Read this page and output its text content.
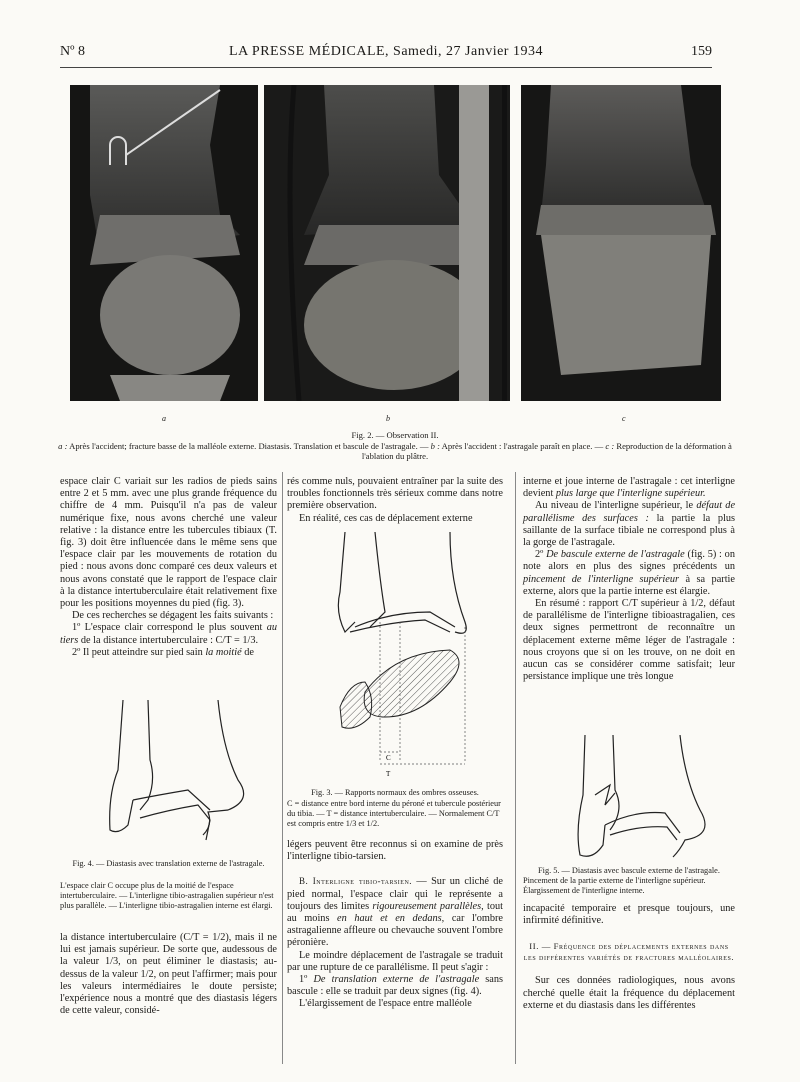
Nº 8	LA PRESSE MÉDICALE, Samedi, 27 Janvier 1934	159
a	b	c
Fig. 2. — Observation II.
a : Après l'accident; fracture basse de la malléole externe. Diastasis. Translation et bascule de l'astragale. — b : Après l'accident : l'astragale paraît en place. — c : Reproduction de la déformation à l'ablation du plâtre.

espace clair C variait sur les radios de pieds sains entre 2 et 5 mm. avec une plus grande fréquence du chiffre de 4 mm. Puisqu'il n'a pas de valeur numérique fixe, nous avons cherché une valeur relative : la distance entre les tubercules tibiaux (T. fig. 3) doit être influencée dans le même sens que l'espace clair par les mouvements de rotation du pied : nous avons donc comparé ces deux valeurs et nous avons constaté que le rapport de l'espace clair à la distance intertuberculaire était relativement fixe pour les positions moyennes du pied (fig. 3).

De ces recherches se dégagent les faits suivants :

1º L'espace clair correspond le plus souvent au tiers de la distance intertuberculaire : C/T = 1/3.

2º Il peut atteindre sur pied sain la moitié de

Fig. 4. — Diastasis avec translation externe de l'astragale.
L'espace clair C occupe plus de la moitié de l'espace intertuberculaire. — L'interligne tibio-astragalien supérieur n'est plus parallèle. — L'interligne tibio-astragalien interne est élargi.

la distance intertuberculaire (C/T = 1/2), mais il ne lui est jamais supérieur. De sorte que, audessous de la valeur 1/3, on peut éliminer le diastasis; au-dessus de la valeur 1/2, on peut l'affirmer; mais pour les valeurs intermédiaires le doute persiste; l'expérience nous a montré que des diastasis légers de cette valeur, considé-

rés comme nuls, pouvaient entraîner par la suite des troubles fonctionnels très sérieux comme dans notre première observation.

En réalité, ces cas de déplacement externe

C
T
Fig. 3. — Rapports normaux des ombres osseuses.
C = distance entre bord interne du péroné et tubercule postérieur du tibia. — T = distance intertuberculaire. — Normalement C/T est compris entre 1/3 et 1/2.

légers peuvent être reconnus si on examine de près l'interligne tibio-tarsien.

B. Interligne tibio-tarsien. — Sur un cliché de pied normal, l'espace clair qui le représente a toujours des limites rigoureusement parallèles, tout au moins en haut et en dedans, car l'ombre astragalienne affleure ou chevauche souvent l'ombre péronière.

Le moindre déplacement de l'astragale se traduit par une rupture de ce parallélisme. Il peut s'agir :

1º De translation externe de l'astragale sans bascule : elle se traduit par deux signes (fig. 4).

L'élargissement de l'espace entre malléole

interne et joue interne de l'astragale : cet interligne devient plus large que l'interligne supérieur.

Au niveau de l'interligne supérieur, le défaut de parallélisme des surfaces : la partie la plus saillante de la surface tibiale ne correspond plus à la gorge de l'astragale.

2º De bascule externe de l'astragale (fig. 5) : on note alors en plus des signes précédents un pincement de l'interligne supérieur à sa partie externe, alors que la partie interne est élargie.

En résumé : rapport C/T supérieur à 1/2, défaut de parallélisme de l'interligne tibioastragalien, ces deux signes permettront de reconnaître un déplacement externe même léger de l'astragale : nous croyons que si on les trouve, on ne doit en aucun cas se considérer comme satisfait; leur persistance implique une très longue

Fig. 5. — Diastasis avec bascule externe de l'astragale.
Pincement de la partie externe de l'interligne supérieur. Élargissement de l'interligne interne.

incapacité temporaire et presque toujours, une infirmité définitive.

II. — Fréquence des déplacements externes dans les différentes variétés de fractures malléolaires.

Sur ces données radiologiques, nous avons cherché quelle était la fréquence du déplacement externe et du diastasis dans les différentes
